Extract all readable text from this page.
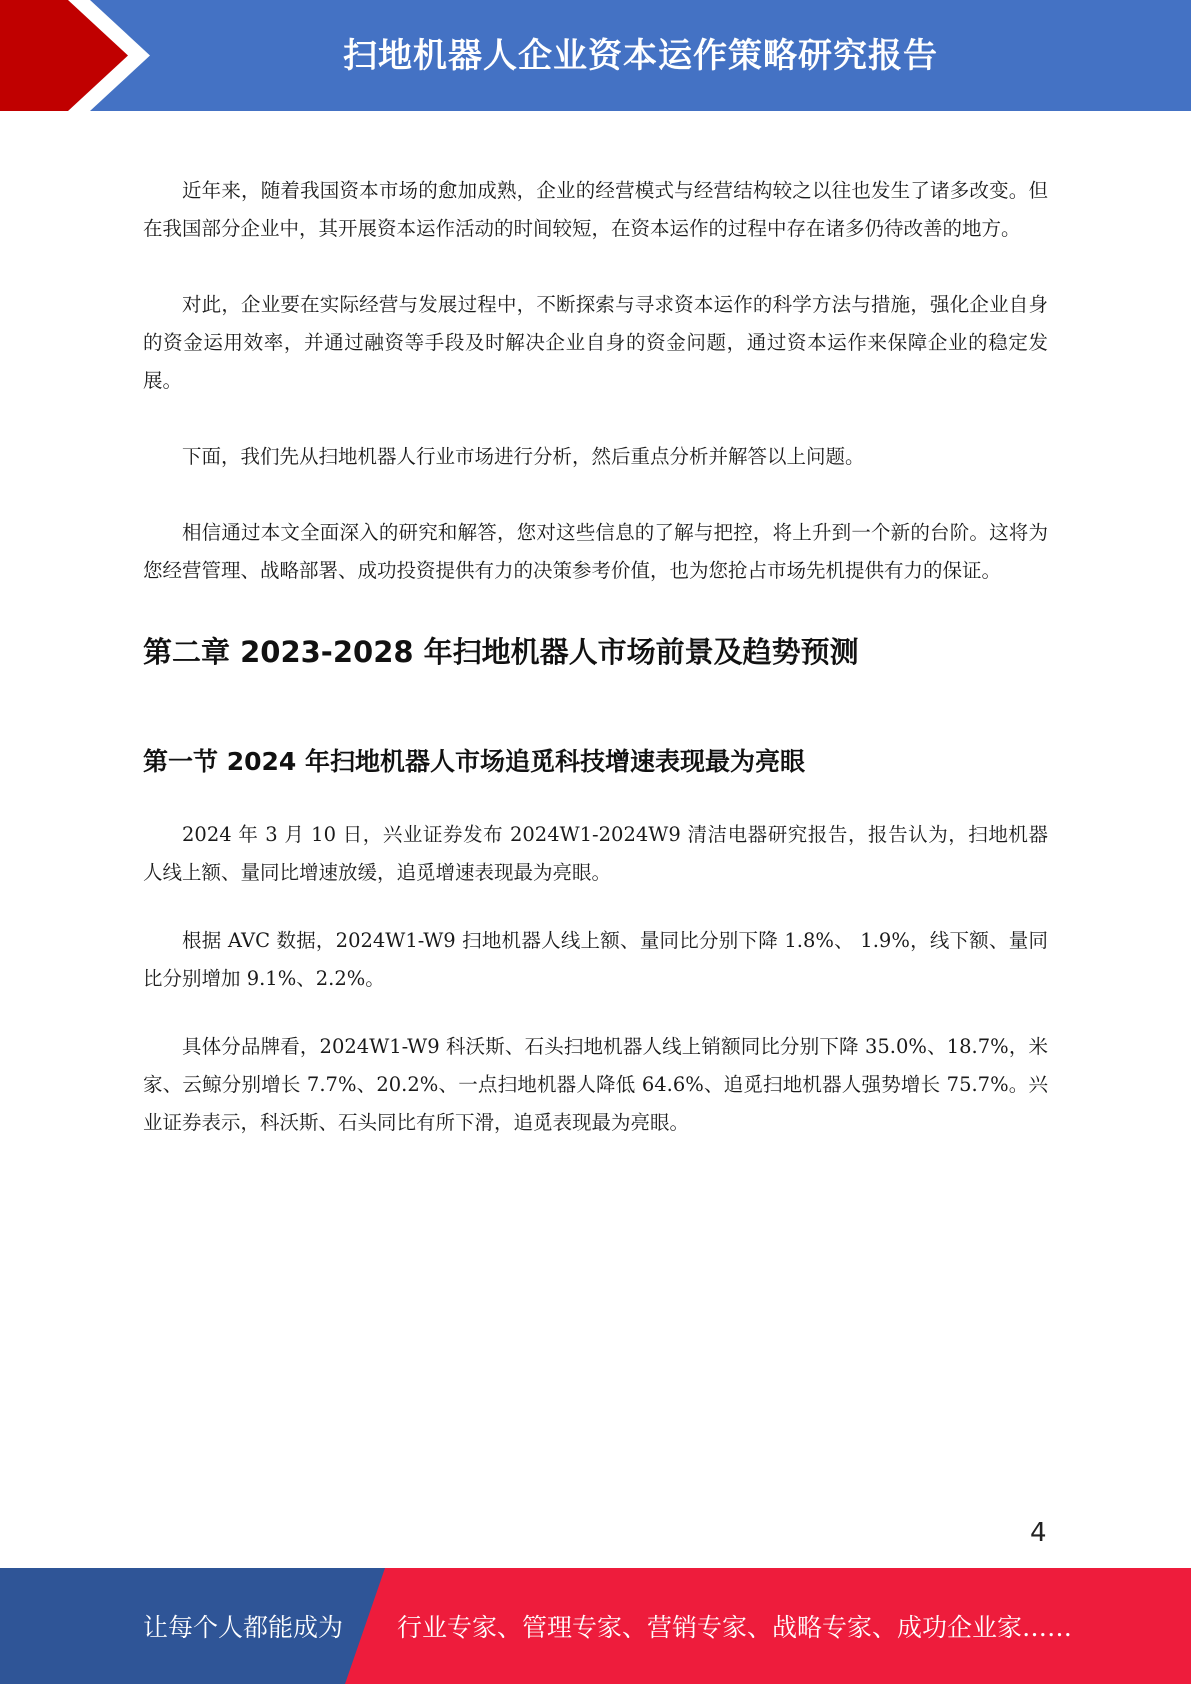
扫地机器人企业资本运作策略研究报告

近年来，随着我国资本市场的愈加成熟，企业的经营模式与经营结构较之以往也发生了诸多改变。但在我国部分企业中，其开展资本运作活动的时间较短，在资本运作的过程中存在诸多仍待改善的地方。

对此，企业要在实际经营与发展过程中，不断探索与寻求资本运作的科学方法与措施，强化企业自身的资金运用效率，并通过融资等手段及时解决企业自身的资金问题，通过资本运作来保障企业的稳定发展。

下面，我们先从扫地机器人行业市场进行分析，然后重点分析并解答以上问题。

相信通过本文全面深入的研究和解答，您对这些信息的了解与把控，将上升到一个新的台阶。这将为您经营管理、战略部署、成功投资提供有力的决策参考价值，也为您抢占市场先机提供有力的保证。

第二章 2023-2028 年扫地机器人市场前景及趋势预测
第一节 2024 年扫地机器人市场追觅科技增速表现最为亮眼

2024 年 3 月 10 日，兴业证券发布 2024W1-2024W9 清洁电器研究报告，报告认为，扫地机器人线上额、量同比增速放缓，追觅增速表现最为亮眼。

根据 AVC 数据，2024W1-W9 扫地机器人线上额、量同比分别下降 1.8%、 1.9%，线下额、量同比分别增加 9.1%、2.2%。

具体分品牌看，2024W1-W9 科沃斯、石头扫地机器人线上销额同比分别下降 35.0%、18.7%，米家、云鲸分别增长 7.7%、20.2%、一点扫地机器人降低 64.6%、追觅扫地机器人强势增长 75.7%。兴业证券表示，科沃斯、石头同比有所下滑，追觅表现最为亮眼。

4
让每个人都能成为 行业专家、管理专家、营销专家、战略专家、成功企业家……
